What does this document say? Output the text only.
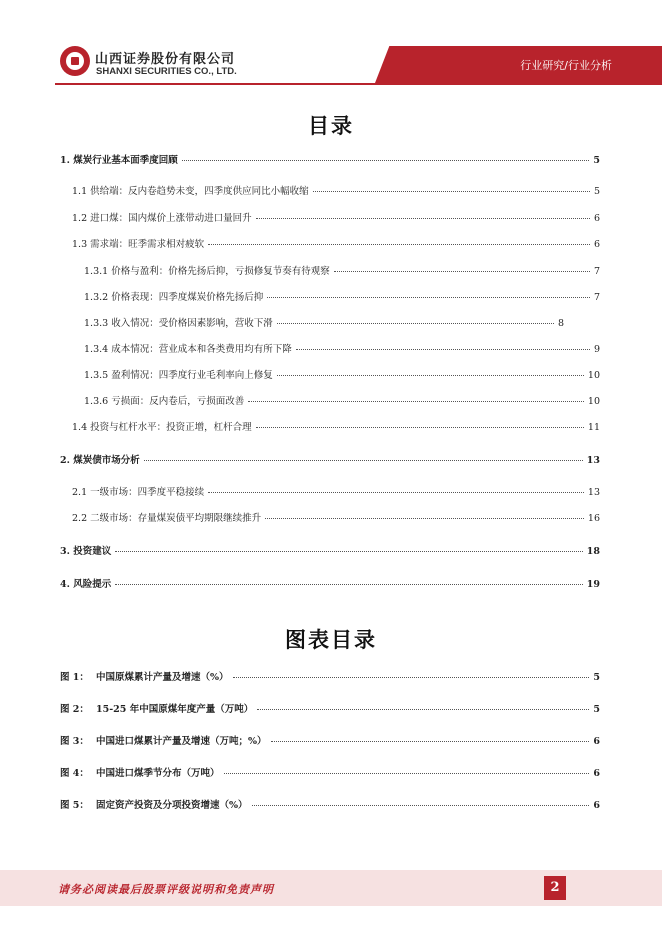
山西证券股份有限公司
SHANXI SECURITIES CO., LTD.	行业研究/行业分析
目录
1. 煤炭行业基本面季度回顾	5
1.1 供给端：反内卷趋势未变，四季度供应同比小幅收缩	5
1.2 进口煤：国内煤价上涨带动进口量回升	6
1.3 需求端：旺季需求相对疲软	6
1.3.1 价格与盈利：价格先扬后抑，亏损修复节奏有待观察	7
1.3.2 价格表现：四季度煤炭价格先扬后抑	7
1.3.3 收入情况：受价格因素影响，营收下滑	8
1.3.4 成本情况：营业成本和各类费用均有所下降	9
1.3.5 盈利情况：四季度行业毛利率向上修复	10
1.3.6 亏损面：反内卷后，亏损面改善	10
1.4 投资与杠杆水平：投资正增，杠杆合理	11
2. 煤炭债市场分析	13
2.1 一级市场：四季度平稳接续	13
2.2 二级市场：存量煤炭债平均期限继续推升	16
3. 投资建议	18
4. 风险提示	19
图表目录
图 1： 中国原煤累计产量及增速（%）	5
图 2： 15-25 年中国原煤年度产量（万吨）	5
图 3： 中国进口煤累计产量及增速（万吨；%）	6
图 4： 中国进口煤季节分布（万吨）	6
图 5： 固定资产投资及分项投资增速（%）	6
请务必阅读最后股票评级说明和免责声明	2
